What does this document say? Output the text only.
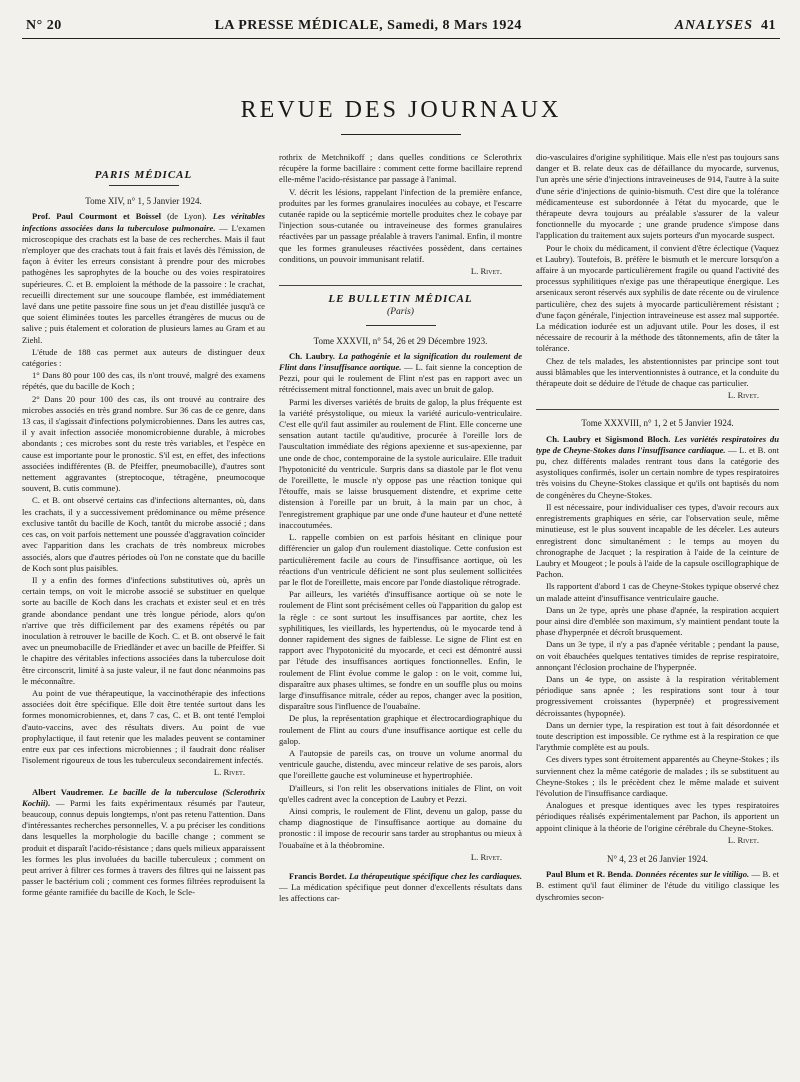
N° 20	LA PRESSE MÉDICALE, Samedi, 8 Mars 1924	ANALYSES 41
REVUE DES JOURNAUX
PARIS MÉDICAL
Tome XIV, n° 1, 5 Janvier 1924.

Prof. Paul Courmont et Boissel (de Lyon). Les véritables infections associées dans la tuberculose pulmonaire. — L'examen microscopique des crachats est la base de ces recherches. Mais il faut n'employer que des crachats tout à fait frais et lavés dès l'émission, de façon à éviter les erreurs consistant à prendre pour des microbes pathogènes les saprophytes de la bouche ou des voies respiratoires supérieures. C. et B. emploient la méthode de la passoire : le crachat, recueilli directement sur une soucoupe flambée, est immédiatement lavé dans une petite passoire fine sous un jet d'eau distillée jusqu'à ce que soient éliminées toutes les parcelles étrangères de mucus ou de salive ; puis étalement et coloration de plusieurs lames au Gram et au Ziehl.

L'étude de 188 cas permet aux auteurs de distinguer deux catégories :

1° Dans 80 pour 100 des cas, ils n'ont trouvé, malgré des examens répétés, que du bacille de Koch ;

2° Dans 20 pour 100 des cas, ils ont trouvé au contraire des microbes associés en très grand nombre. Sur 36 cas de ce genre, dans 13 cas, il s'agissait d'infections polymicrobiennes. Dans les autres cas, il y avait infection associée monomicrobienne durable, à microbes abondants ; ces microbes sont du reste très variables, et l'espèce en cause est importante pour le pronostic. S'il est, en effet, des infections associées indifférentes (B. de Pfeiffer, pneumobacille), d'autres sont nettement aggravantes (streptocoque, tétragène, pneumocoque souvent, B. cutis commune).

C. et B. ont observé certains cas d'infections alternantes, où, dans les crachats, il y a successivement prédominance ou même présence exclusive tantôt du bacille de Koch, tantôt du microbe associé ; dans ces cas, on voit parfois nettement une poussée d'aggravation coïncider avec l'apparition dans les crachats de très nombreux microbes associés, alors que d'autres périodes où l'on ne constate que du bacille de Koch sont plus paisibles.

Il y a enfin des formes d'infections substitutives où, après un certain temps, on voit le microbe associé se substituer en quelque sorte au bacille de Koch dans les crachats et exister seul et en très grande abondance pendant une très longue période, alors qu'on n'arrive que très difficilement par des examens répétés ou par inoculation à retrouver le bacille de Koch. C. et B. ont observé le fait avec un pneumobacille de Friedländer et avec un bacille de Pfeiffer. Si le chapitre des véritables infections associées dans la tuberculose doit être circonscrit, limité à sa juste valeur, il ne faut donc néanmoins pas le méconnaître.

Au point de vue thérapeutique, la vaccinothérapie des infections associées doit être spécifique. Elle doit être tentée surtout dans les formes monomicrobiennes, et, dans 7 cas, C. et B. ont tenté l'emploi d'auto-vaccins, avec des résultats divers. Au point de vue prophylactique, il faut retenir que les malades peuvent se contaminer entre eux par ces infections microbiennes ; il faudrait donc réaliser l'isolement rigoureux de tous les tuberculeux secondairement infectés.

L. Rivet.

Albert Vaudremer. Le bacille de la tuberculose (Sclerothrix Kochii). — Parmi les faits expérimentaux résumés par l'auteur, beaucoup, connus depuis longtemps, n'ont pas retenu l'attention. Dans d'intéressantes recherches personnelles, V. a pu préciser les conditions dans lesquelles la morphologie du bacille change ; comment se produit et disparaît l'acido-résistance ; dans quels milieux apparaissent les formes les plus involuées du bacille tuberculeux ; comment on peut arriver à filtrer ces formes à travers des filtres qui ne laissent pas passer le bactérium coli ; comment ces formes filtrées reproduisent la forme géante ramifiée du bacille de Koch, le Scle-

rothrix de Metchnikoff ; dans quelles conditions ce Sclerothrix récupère la forme bacillaire : comment cette forme bacillaire reprend elle-même l'acido-résistance par passage à l'animal.

V. décrit les lésions, rappelant l'infection de la première enfance, produites par les formes granulaires inoculées au cobaye, et l'escarre cutanée rapide ou la septicémie mortelle produites chez le cobaye par l'injection sous-cutanée ou intraveineuse des formes granulaires réactivées par un passage préalable à travers l'animal. Enfin, il montre que les formes granuleuses réactivées possèdent, dans certaines conditions, un pouvoir immunisant relatif.

L. Rivet.
LE BULLETIN MÉDICAL
(Paris)
Tome XXXVII, n° 54, 26 et 29 Décembre 1923.

Ch. Laubry. La pathogénie et la signification du roulement de Flint dans l'insuffisance aortique. — L. fait sienne la conception de Pezzi, pour qui le roulement de Flint n'est pas en rapport avec un rétrécissement mitral fonctionnel, mais avec un bruit de galop.

Parmi les diverses variétés de bruits de galop, la plus fréquente est la variété présystolique, ou mieux la variété auriculo-ventriculaire. C'est elle qu'il faut assimiler au roulement de Flint. Elle concerne une sensation autant tactile qu'auditive, procurée à l'oreille lors de l'auscultation immédiate des régions apexienne et sus-apexienne, par une onde de choc, contemporaine de la systole auriculaire. Elle traduit l'hypotonicité du ventricule. Surpris dans sa diastole par le flot venu de l'oreillette, le muscle n'y oppose pas une réaction tonique qui l'étouffe, mais se laisse brusquement distendre, et exprime cette distension à l'oreille par un bruit, à la main par un choc, à l'enregistrement graphique par une onde d'une hauteur et d'une netteté inaccoutumées.

L. rappelle combien on est parfois hésitant en clinique pour différencier un galop d'un roulement diastolique. Cette confusion est particulièrement facile au cours de l'insuffisance aortique, où les réactions d'un ventricule déficient ne sont plus seulement sollicitées par le flot de l'oreillette, mais encore par l'onde diastolique rétrograde.

Par ailleurs, les variétés d'insuffisance aortique où se note le roulement de Flint sont précisément celles où l'apparition du galop est la règle : ce sont surtout les insuffisances par aortite, chez les syphilitiques, les vieillards, les hypertendus, où le myocarde tend à donner rapidement des signes de faiblesse. Le signe de Flint est en rapport avec l'hypotonicité du myocarde, et ceci est démontré aussi par l'étude des insuffisances aortiques fonctionnelles. Enfin, le roulement de Flint évolue comme le galop : on le voit, comme lui, disparaître aux phases ultimes, se fondre en un souffle plus ou moins large d'insuffisance mitrale, céder au repos, changer avec la position, disparaître sous l'influence de l'ouabaïne.

De plus, la représentation graphique et électrocardiographique du roulement de Flint au cours d'une insuffisance aortique est celle du galop.

A l'autopsie de pareils cas, on trouve un volume anormal du ventricule gauche, distendu, avec minceur relative de ses parois, alors que l'oreillette gauche est volumineuse et hypertrophiée.

D'ailleurs, si l'on relit les observations initiales de Flint, on voit qu'elles cadrent avec la conception de Laubry et Pezzi.

Ainsi compris, le roulement de Flint, devenu un galop, passe du champ diagnostique de l'insuffisance aortique au domaine du pronostic : il impose de recourir sans tarder au strophantus ou mieux à l'ouabaïne et à la théobromine.

L. Rivet.

Francis Bordet. La thérapeutique spécifique chez les cardiaques. — La médication spécifique peut donner d'excellents résultats dans les affections car-

dio-vasculaires d'origine syphilitique. Mais elle n'est pas toujours sans danger et B. relate deux cas de défaillance du myocarde, survenus, l'un après une série d'injections intraveineuses de 914, l'autre à la suite d'une série d'injections de quinio-bismuth. C'est dire que la tolérance médicamenteuse est subordonnée à l'état du myocarde, que le thérapeute devra toujours au préalable s'assurer de la valeur fonctionnelle du myocarde ; une grande prudence s'impose dans l'application du traitement aux sujets porteurs d'un myocarde suspect.

Pour le choix du médicament, il convient d'être éclectique (Vaquez et Laubry). Toutefois, B. préfère le bismuth et le mercure lorsqu'on a affaire à un myocarde particulièrement fragile ou quand l'activité des processus syphilitiques n'exige pas une thérapeutique énergique. Les arsenicaux seront réservés aux syphilis de date récente ou de virulence particulière, chez des sujets à myocarde particulièrement résistant ; d'une façon générale, l'injection intraveineuse est assez mal supportée. La médication iodurée est un adjuvant utile. Pour les doses, il est nécessaire de recourir à la méthode des tâtonnements, afin de tâter la tolérance.

Chez de tels malades, les abstentionnistes par principe sont tout aussi blâmables que les interventionnistes à outrance, et la conduite du thérapeute doit se déduire de l'étude de chaque cas particulier.

L. Rivet.
Tome XXXVIII, n° 1, 2 et 5 Janvier 1924.

Ch. Laubry et Sigismond Bloch. Les variétés respiratoires du type de Cheyne-Stokes dans l'insuffisance cardiaque. — L. et B. ont pu, chez différents malades rentrant tous dans la catégorie des asystoliques confirmés, isoler un certain nombre de types respiratoires très voisins du Cheyne-Stokes classique et qu'ils ont baptisés du nom de congénères du Cheyne-Stokes.

Il est nécessaire, pour individualiser ces types, d'avoir recours aux enregistrements graphiques en série, car l'observation seule, même minutieuse, est le plus souvent incapable de les déceler. Les auteurs enregistrent donc simultanément : le temps au moyen du chronographe de Jacquet ; la respiration à l'aide de la ceinture de Laubry et Mougeot ; le pouls à l'aide de la capsule oscillographique de Pachon.

Ils rapportent d'abord 1 cas de Cheyne-Stokes typique observé chez un malade atteint d'insuffisance ventriculaire gauche.

Dans un 2e type, après une phase d'apnée, la respiration acquiert pour ainsi dire d'emblée son maximum, s'y maintient pendant toute la phase d'hyperpnée et décroît brusquement.

Dans un 3e type, il n'y a pas d'apnée véritable ; pendant la pause, on voit ébauchées quelques tentatives timides de reprise respiratoire, annonçant l'éclosion prochaine de l'hyperpnée.

Dans un 4e type, on assiste à la respiration véritablement périodique sans apnée ; les respirations sont tour à tour progressivement croissantes (hyperpnée) et progressivement décroissantes (hypopnée).

Dans un dernier type, la respiration est tout à fait désordonnée et toute description est impossible. Ce rythme est à la respiration ce que l'arythmie complète est au pouls.

Ces divers types sont étroitement apparentés au Cheyne-Stokes ; ils surviennent chez la même catégorie de malades ; ils se substituent au Cheyne-Stokes ; ils le précèdent chez le même malade et suivent l'évolution de l'insuffisance cardiaque.

Analogues et presque identiques avec les types respiratoires périodiques réalisés expérimentalement par Pachon, ils apportent un appoint clinique à la théorie de l'origine cérébrale du Cheyne-Stokes.

L. Rivet.
N° 4, 23 et 26 Janvier 1924.

Paul Blum et R. Benda. Données récentes sur le vitiligo. — B. et B. estiment qu'il faut éliminer de l'étude du vitiligo classique les dyschromies secon-
